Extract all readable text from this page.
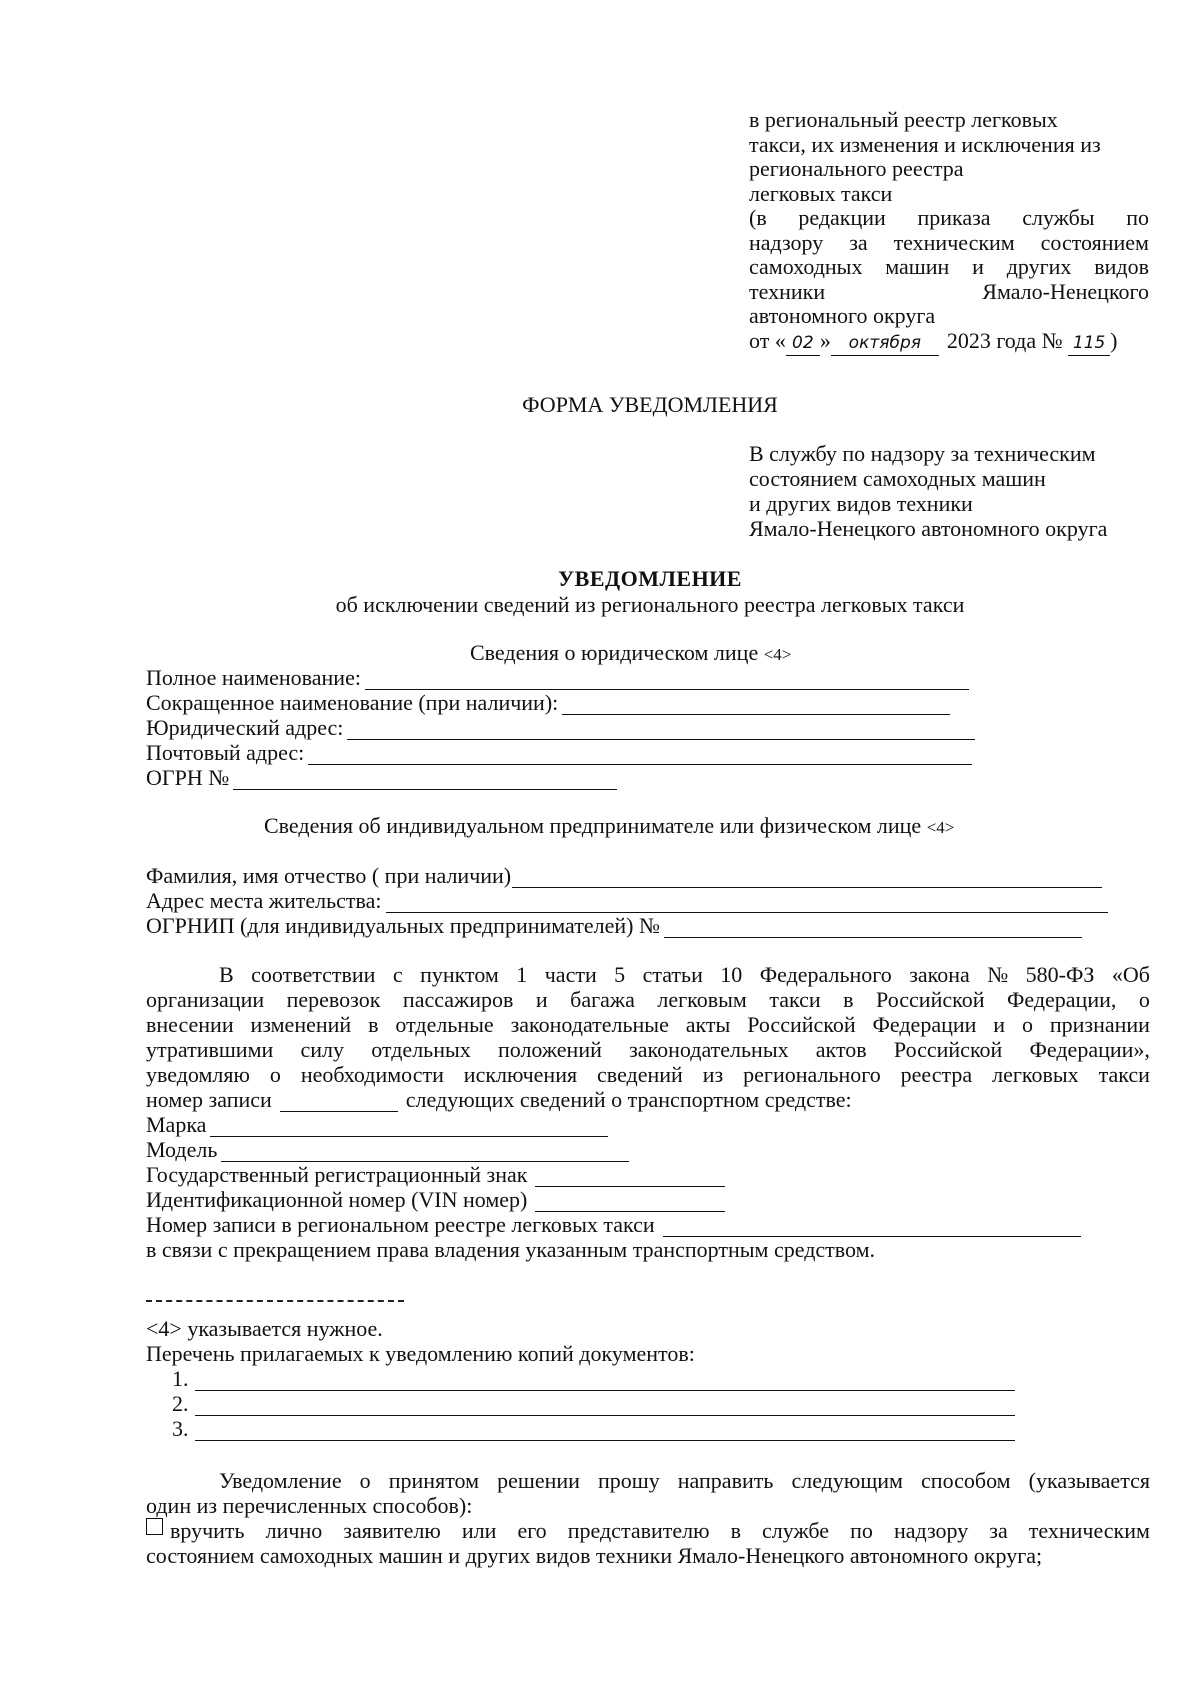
в региональный реестр легковых
такси, их изменения и исключения из
регионального реестра
легковых такси
(в редакции приказа службы по
надзору за техническим состоянием
самоходных машин и других видов
техники	Ямало-Ненецкого
автономного округа
от « 02 » октября 2023 года № 115 )
ФОРМА УВЕДОМЛЕНИЯ
В службу по надзору за техническим
состоянием самоходных машин
и других видов техники
Ямало-Ненецкого автономного округа
УВЕДОМЛЕНИЕ
об исключении сведений из регионального реестра легковых такси
Сведения о юридическом лице <4>
Полное наименование:
Сокращенное наименование (при наличии):
Юридический адрес:
Почтовый адрес:
ОГРН №
Сведения об индивидуальном предпринимателе или физическом лице <4>
Фамилия, имя отчество ( при наличии)
Адрес места жительства:
ОГРНИП (для индивидуальных предпринимателей) №
В соответствии с пунктом 1 части 5 статьи 10 Федерального закона № 580-ФЗ «Об
организации перевозок пассажиров и багажа легковым такси в Российской Федерации, о
внесении изменений в отдельные законодательные акты Российской Федерации и о признании
утратившими силу отдельных положений законодательных актов Российской Федерации»,
уведомляю о необходимости исключения сведений из регионального реестра легковых такси
номер записи	следующих сведений о транспортном средстве:
Марка
Модель
Государственный регистрационный знак
Идентификационной номер (VIN номер)
Номер записи в региональном реестре легковых такси
в связи с прекращением права владения указанным транспортным средством.
<4> указывается нужное.
Перечень прилагаемых к уведомлению копий документов:
1.
2.
3.
Уведомление о принятом решении прошу направить следующим способом (указывается
один из перечисленных способов):
вручить лично заявителю или его представителю в службе по надзору за техническим
состоянием самоходных машин и других видов техники Ямало-Ненецкого автономного округа;
